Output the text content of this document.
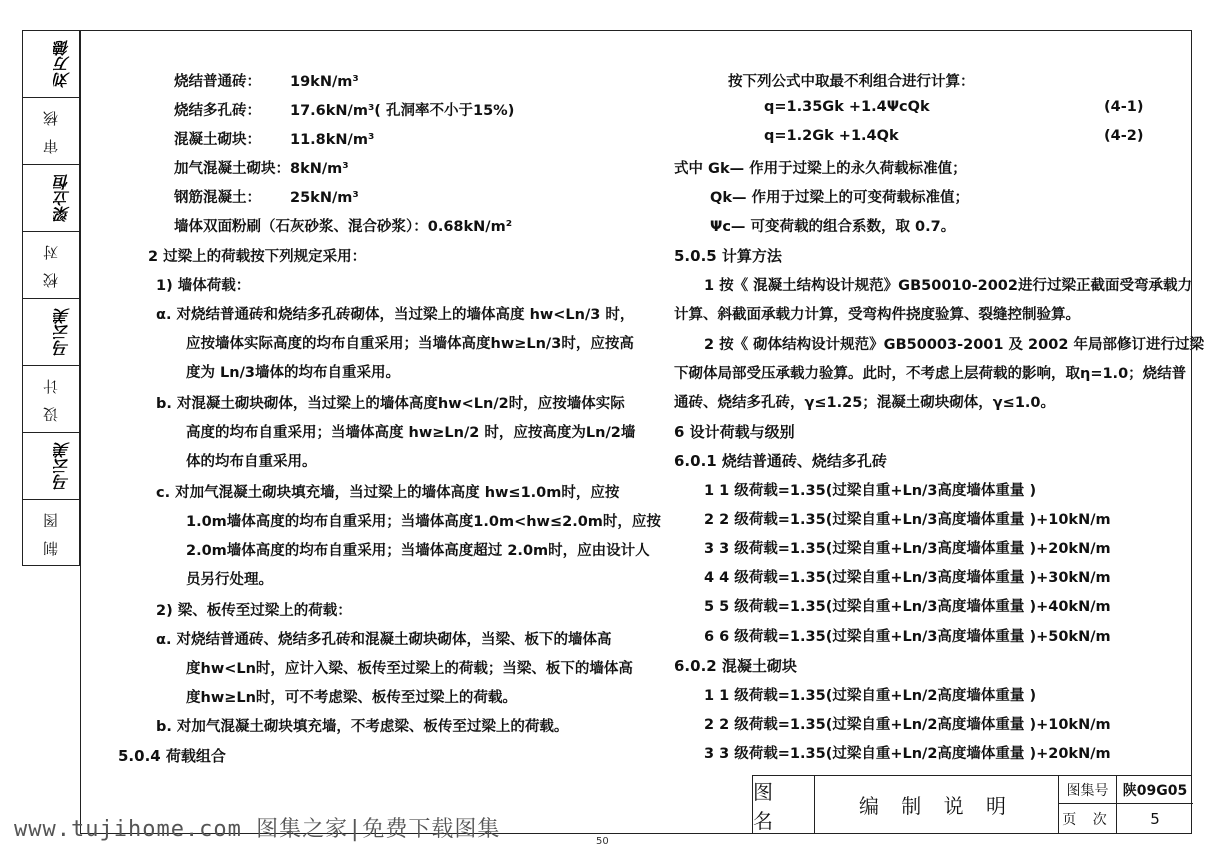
刘万德
审 核
梁立恒
校 对
马云美
设 计
马云美
制 图
烧结普通砖： 19kN/m³
烧结多孔砖： 17.6kN/m³( 孔洞率不小于15%)
混凝土砌块： 11.8kN/m³
加气混凝土砌块：8kN/m³
钢筋混凝土： 25kN/m³
墙体双面粉刷（石灰砂浆、混合砂浆）：0.68kN/m²
2 过梁上的荷载按下列规定采用：
1) 墙体荷载：
α. 对烧结普通砖和烧结多孔砖砌体，当过梁上的墙体高度 hw<Ln/3 时，
应按墙体实际高度的均布自重采用；当墙体高度hw≥Ln/3时，应按高
度为 Ln/3墙体的均布自重采用。
b. 对混凝土砌块砌体，当过梁上的墙体高度hw<Ln/2时，应按墙体实际
高度的均布自重采用；当墙体高度 hw≥Ln/2 时，应按高度为Ln/2墙
体的均布自重采用。
c. 对加气混凝土砌块填充墙，当过梁上的墙体高度 hw≤1.0m时，应按
1.0m墙体高度的均布自重采用；当墙体高度1.0m<hw≤2.0m时，应按
2.0m墙体高度的均布自重采用；当墙体高度超过 2.0m时，应由设计人
员另行处理。
2) 梁、板传至过梁上的荷载：
α. 对烧结普通砖、烧结多孔砖和混凝土砌块砌体，当梁、板下的墙体高
度hw<Ln时，应计入梁、板传至过梁上的荷载；当梁、板下的墙体高
度hw≥Ln时，可不考虑梁、板传至过梁上的荷载。
b. 对加气混凝土砌块填充墙，不考虑梁、板传至过梁上的荷载。
5.0.4 荷载组合
按下列公式中取最不利组合进行计算：
q=1.35Gk +1.4ΨcQk	(4-1)
q=1.2Gk +1.4Qk	(4-2)
式中 Gk— 作用于过梁上的永久荷载标准值；
Qk— 作用于过梁上的可变荷载标准值；
Ψc— 可变荷载的组合系数，取 0.7。
5.0.5 计算方法
1 按《 混凝土结构设计规范》GB50010-2002进行过梁正截面受弯承载力
计算、斜截面承载力计算，受弯构件挠度验算、裂缝控制验算。
2 按《 砌体结构设计规范》GB50003-2001 及 2002 年局部修订进行过梁
下砌体局部受压承载力验算。此时，不考虑上层荷载的影响，取η=1.0；烧结普
通砖、烧结多孔砖，γ≤1.25；混凝土砌块砌体，γ≤1.0。
6 设计荷载与级别
6.0.1 烧结普通砖、烧结多孔砖
1 1 级荷载=1.35(过梁自重+Ln/3高度墙体重量 )
2 2 级荷载=1.35(过梁自重+Ln/3高度墙体重量 )+10kN/m
3 3 级荷载=1.35(过梁自重+Ln/3高度墙体重量 )+20kN/m
4 4 级荷载=1.35(过梁自重+Ln/3高度墙体重量 )+30kN/m
5 5 级荷载=1.35(过梁自重+Ln/3高度墙体重量 )+40kN/m
6 6 级荷载=1.35(过梁自重+Ln/3高度墙体重量 )+50kN/m
6.0.2 混凝土砌块
1 1 级荷载=1.35(过梁自重+Ln/2高度墙体重量 )
2 2 级荷载=1.35(过梁自重+Ln/2高度墙体重量 )+10kN/m
3 3 级荷载=1.35(过梁自重+Ln/2高度墙体重量 )+20kN/m
图 名
编 制 说 明
图集号	陕09G05
页 次	5
www.tujihome.com 图集之家|免费下载图集	50
